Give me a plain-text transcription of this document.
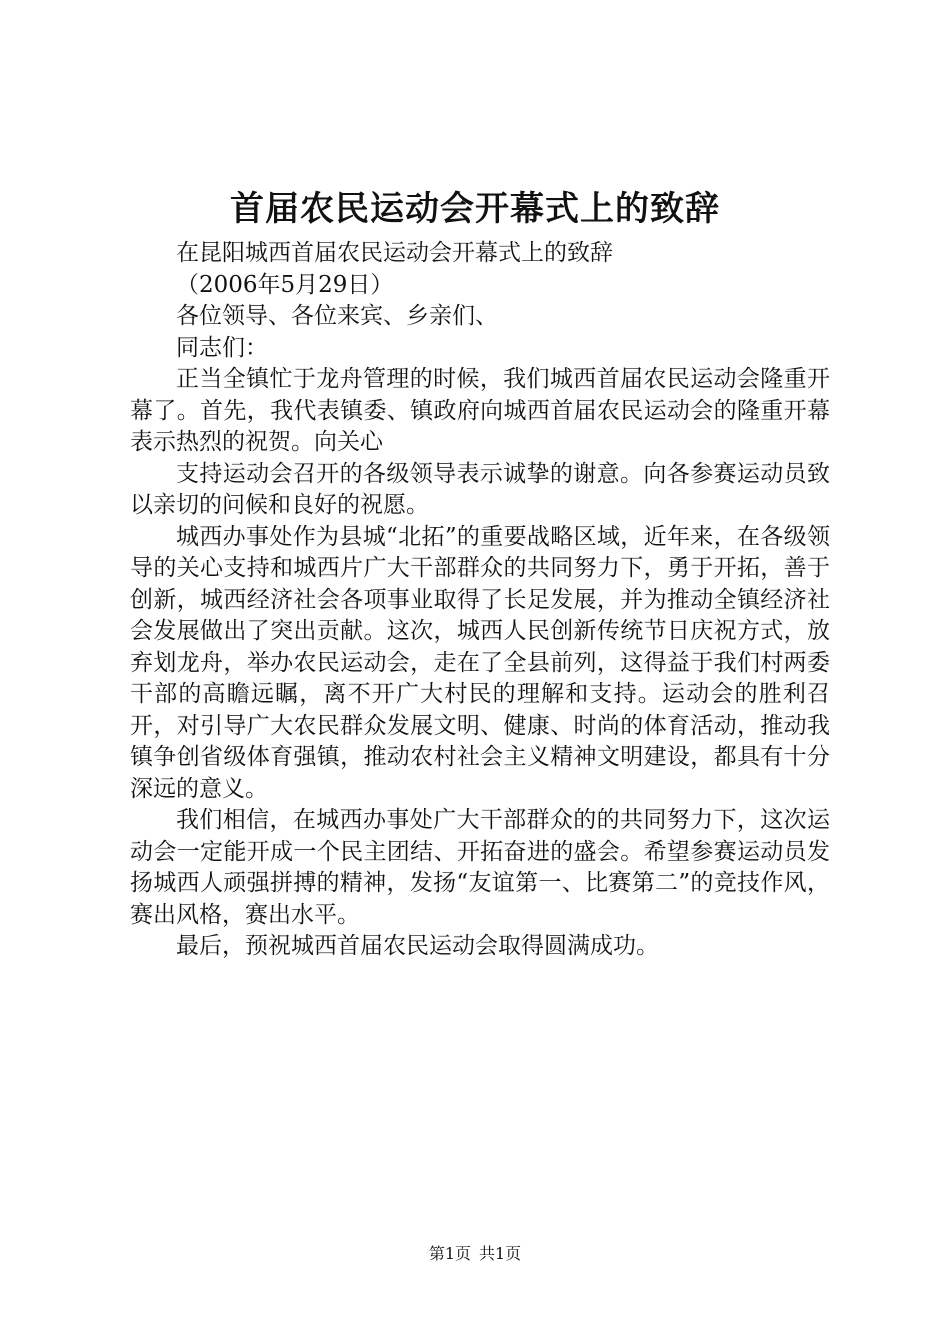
首届农民运动会开幕式上的致辞

在昆阳城西首届农民运动会开幕式上的致辞

（2006年5月29日）

各位领导、各位来宾、乡亲们、

同志们：

正当全镇忙于龙舟管理的时候，我们城西首届农民运动会隆重开幕了。首先，我代表镇委、镇政府向城西首届农民运动会的隆重开幕表示热烈的祝贺。向关心

支持运动会召开的各级领导表示诚挚的谢意。向各参赛运动员致以亲切的问候和良好的祝愿。

城西办事处作为县城“北拓”的重要战略区域，近年来，在各级领导的关心支持和城西片广大干部群众的共同努力下，勇于开拓，善于创新，城西经济社会各项事业取得了长足发展，并为推动全镇经济社会发展做出了突出贡献。这次，城西人民创新传统节日庆祝方式，放弃划龙舟，举办农民运动会，走在了全县前列，这得益于我们村两委干部的高瞻远瞩，离不开广大村民的理解和支持。运动会的胜利召开，对引导广大农民群众发展文明、健康、时尚的体育活动，推动我镇争创省级体育强镇，推动农村社会主义精神文明建设，都具有十分深远的意义。

我们相信，在城西办事处广大干部群众的的共同努力下，这次运动会一定能开成一个民主团结、开拓奋进的盛会。希望参赛运动员发扬城西人顽强拼搏的精神，发扬“友谊第一、比赛第二”的竞技作风，赛出风格，赛出水平。

最后，预祝城西首届农民运动会取得圆满成功。

第1页 共1页
